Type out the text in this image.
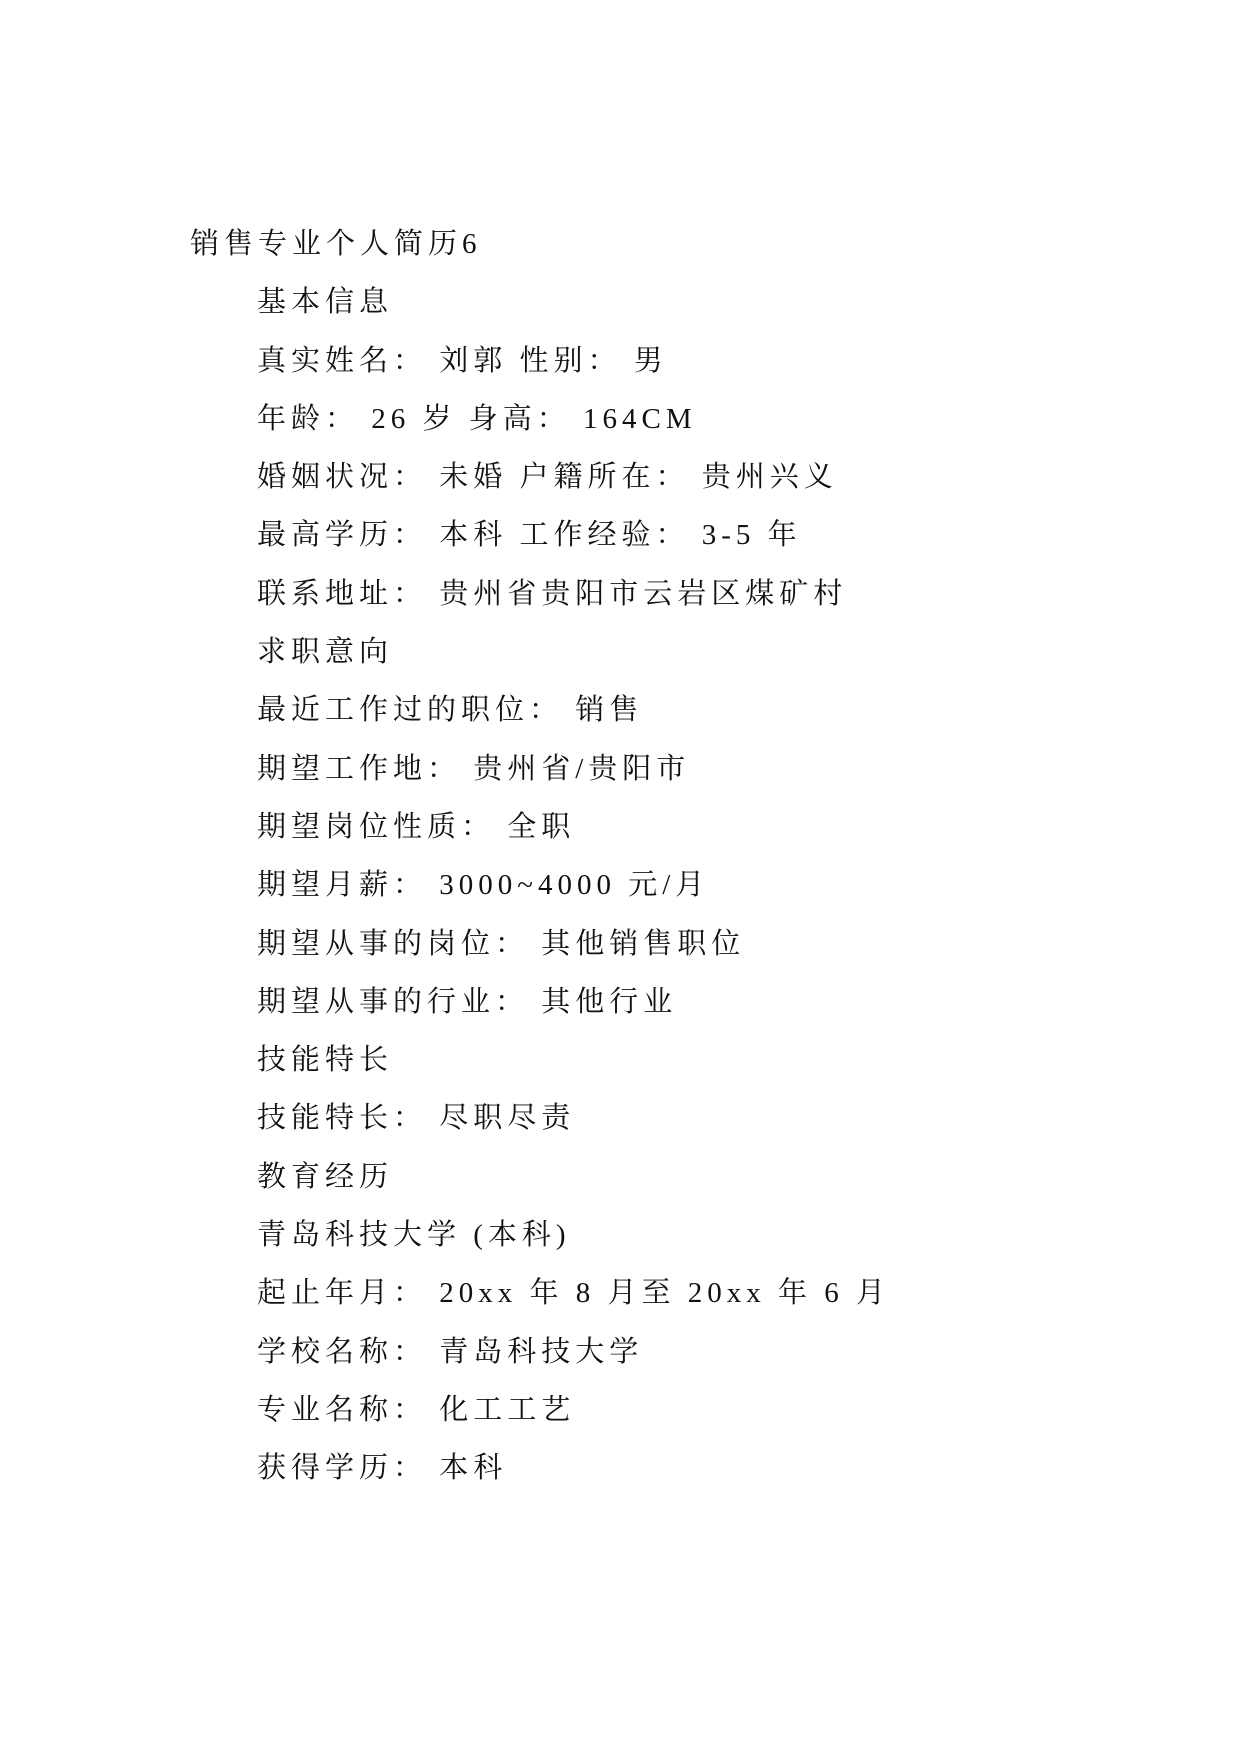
销售专业个人简历6
基本信息
真实姓名： 刘郭 性别： 男
年龄： 26 岁 身高： 164CM
婚姻状况： 未婚 户籍所在： 贵州兴义
最高学历： 本科 工作经验： 3-5 年
联系地址： 贵州省贵阳市云岩区煤矿村
求职意向
最近工作过的职位： 销售
期望工作地： 贵州省/贵阳市
期望岗位性质： 全职
期望月薪： 3000~4000 元/月
期望从事的岗位： 其他销售职位
期望从事的行业： 其他行业
技能特长
技能特长： 尽职尽责
教育经历
青岛科技大学 (本科)
起止年月： 20xx 年 8 月至 20xx 年 6 月
学校名称： 青岛科技大学
专业名称： 化工工艺
获得学历： 本科
